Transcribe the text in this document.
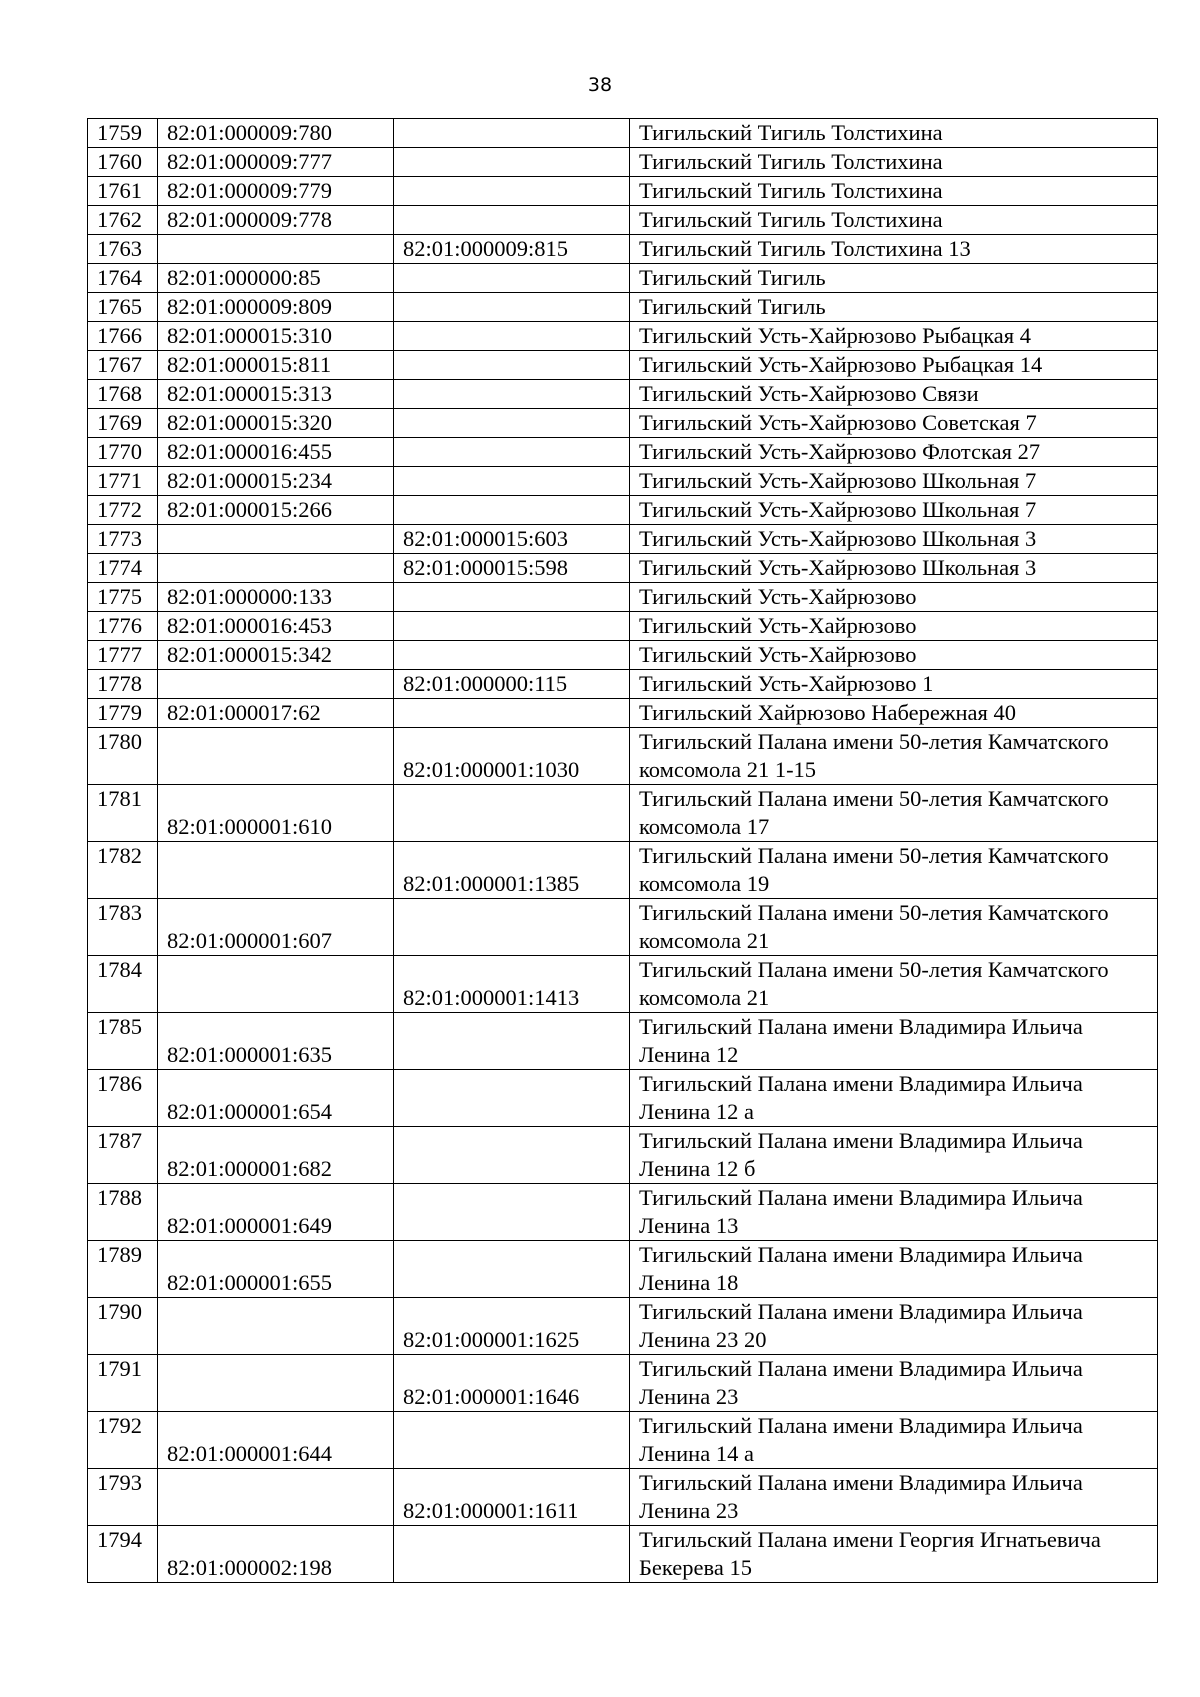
38
1759	82:01:000009:780		Тигильский Тигиль Толстихина
1760	82:01:000009:777		Тигильский Тигиль Толстихина
1761	82:01:000009:779		Тигильский Тигиль Толстихина
1762	82:01:000009:778		Тигильский Тигиль Толстихина
1763		82:01:000009:815	Тигильский Тигиль Толстихина 13
1764	82:01:000000:85		Тигильский Тигиль
1765	82:01:000009:809		Тигильский Тигиль
1766	82:01:000015:310		Тигильский Усть-Хайрюзово Рыбацкая 4
1767	82:01:000015:811		Тигильский Усть-Хайрюзово Рыбацкая 14
1768	82:01:000015:313		Тигильский Усть-Хайрюзово Связи
1769	82:01:000015:320		Тигильский Усть-Хайрюзово Советская 7
1770	82:01:000016:455		Тигильский Усть-Хайрюзово Флотская 27
1771	82:01:000015:234		Тигильский Усть-Хайрюзово Школьная 7
1772	82:01:000015:266		Тигильский Усть-Хайрюзово Школьная 7
1773		82:01:000015:603	Тигильский Усть-Хайрюзово Школьная 3
1774		82:01:000015:598	Тигильский Усть-Хайрюзово Школьная 3
1775	82:01:000000:133		Тигильский Усть-Хайрюзово
1776	82:01:000016:453		Тигильский Усть-Хайрюзово
1777	82:01:000015:342		Тигильский Усть-Хайрюзово
1778		82:01:000000:115	Тигильский Усть-Хайрюзово 1
1779	82:01:000017:62		Тигильский Хайрюзово Набережная 40
1780		82:01:000001:1030	Тигильский Палана имени 50-летия Камчатского комсомола 21 1-15
1781	82:01:000001:610		Тигильский Палана имени 50-летия Камчатского комсомола 17
1782		82:01:000001:1385	Тигильский Палана имени 50-летия Камчатского комсомола 19
1783	82:01:000001:607		Тигильский Палана имени 50-летия Камчатского комсомола 21
1784		82:01:000001:1413	Тигильский Палана имени 50-летия Камчатского комсомола 21
1785	82:01:000001:635		Тигильский Палана имени Владимира Ильича Ленина 12
1786	82:01:000001:654		Тигильский Палана имени Владимира Ильича Ленина 12 а
1787	82:01:000001:682		Тигильский Палана имени Владимира Ильича Ленина 12 б
1788	82:01:000001:649		Тигильский Палана имени Владимира Ильича Ленина 13
1789	82:01:000001:655		Тигильский Палана имени Владимира Ильича Ленина 18
1790		82:01:000001:1625	Тигильский Палана имени Владимира Ильича Ленина 23 20
1791		82:01:000001:1646	Тигильский Палана имени Владимира Ильича Ленина 23
1792	82:01:000001:644		Тигильский Палана имени Владимира Ильича Ленина 14 а
1793		82:01:000001:1611	Тигильский Палана имени Владимира Ильича Ленина 23
1794	82:01:000002:198		Тигильский Палана имени Георгия Игнатьевича Бекерева 15
